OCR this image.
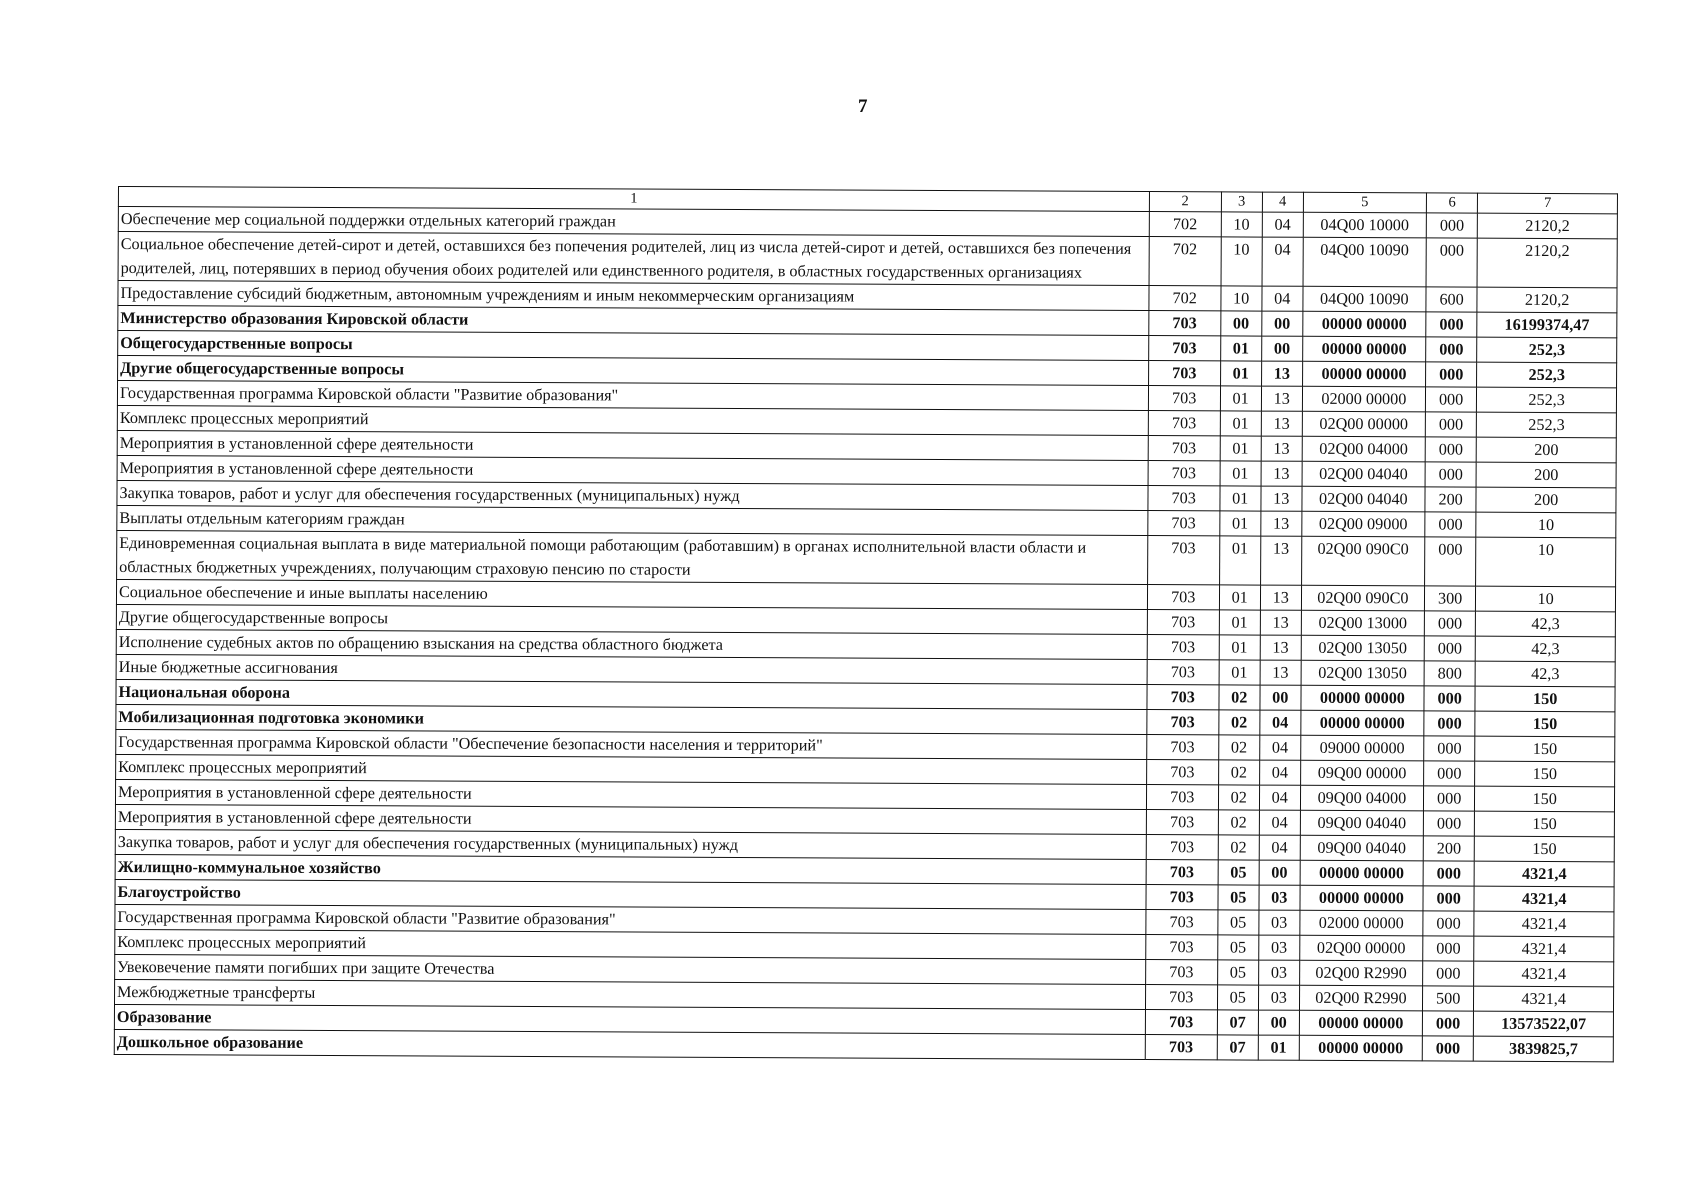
7
1	2	3	4	5	6	7
Обеспечение мер социальной поддержки отдельных категорий граждан	702	10	04	04Q00 10000	000	2120,2
Социальное обеспечение детей-сирот и детей, оставшихся без попечения родителей, лиц из числа детей-сирот и детей, оставшихся без попечения родителей, лиц, потерявших в период обучения обоих родителей или единственного родителя, в областных государственных организациях	702	10	04	04Q00 10090	000	2120,2
Предоставление субсидий бюджетным, автономным учреждениям и иным некоммерческим организациям	702	10	04	04Q00 10090	600	2120,2
Министерство образования Кировской области	703	00	00	00000 00000	000	16199374,47
Общегосударственные вопросы	703	01	00	00000 00000	000	252,3
Другие общегосударственные вопросы	703	01	13	00000 00000	000	252,3
Государственная программа Кировской области "Развитие образования"	703	01	13	02000 00000	000	252,3
Комплекс процессных мероприятий	703	01	13	02Q00 00000	000	252,3
Мероприятия в установленной сфере деятельности	703	01	13	02Q00 04000	000	200
Мероприятия в установленной сфере деятельности	703	01	13	02Q00 04040	000	200
Закупка товаров, работ и услуг для обеспечения государственных (муниципальных) нужд	703	01	13	02Q00 04040	200	200
Выплаты отдельным категориям граждан	703	01	13	02Q00 09000	000	10
Единовременная социальная выплата в виде материальной помощи работающим (работавшим) в органах исполнительной власти области и областных бюджетных учреждениях, получающим страховую пенсию по старости	703	01	13	02Q00 090C0	000	10
Социальное обеспечение и иные выплаты населению	703	01	13	02Q00 090C0	300	10
Другие общегосударственные вопросы	703	01	13	02Q00 13000	000	42,3
Исполнение судебных актов по обращению взыскания на средства областного бюджета	703	01	13	02Q00 13050	000	42,3
Иные бюджетные ассигнования	703	01	13	02Q00 13050	800	42,3
Национальная оборона	703	02	00	00000 00000	000	150
Мобилизационная подготовка экономики	703	02	04	00000 00000	000	150
Государственная программа Кировской области "Обеспечение безопасности населения и территорий"	703	02	04	09000 00000	000	150
Комплекс процессных мероприятий	703	02	04	09Q00 00000	000	150
Мероприятия в установленной сфере деятельности	703	02	04	09Q00 04000	000	150
Мероприятия в установленной сфере деятельности	703	02	04	09Q00 04040	000	150
Закупка товаров, работ и услуг для обеспечения государственных (муниципальных) нужд	703	02	04	09Q00 04040	200	150
Жилищно-коммунальное хозяйство	703	05	00	00000 00000	000	4321,4
Благоустройство	703	05	03	00000 00000	000	4321,4
Государственная программа Кировской области "Развитие образования"	703	05	03	02000 00000	000	4321,4
Комплекс процессных мероприятий	703	05	03	02Q00 00000	000	4321,4
Увековечение памяти погибших при защите Отечества	703	05	03	02Q00 R2990	000	4321,4
Межбюджетные трансферты	703	05	03	02Q00 R2990	500	4321,4
Образование	703	07	00	00000 00000	000	13573522,07
Дошкольное образование	703	07	01	00000 00000	000	3839825,7
